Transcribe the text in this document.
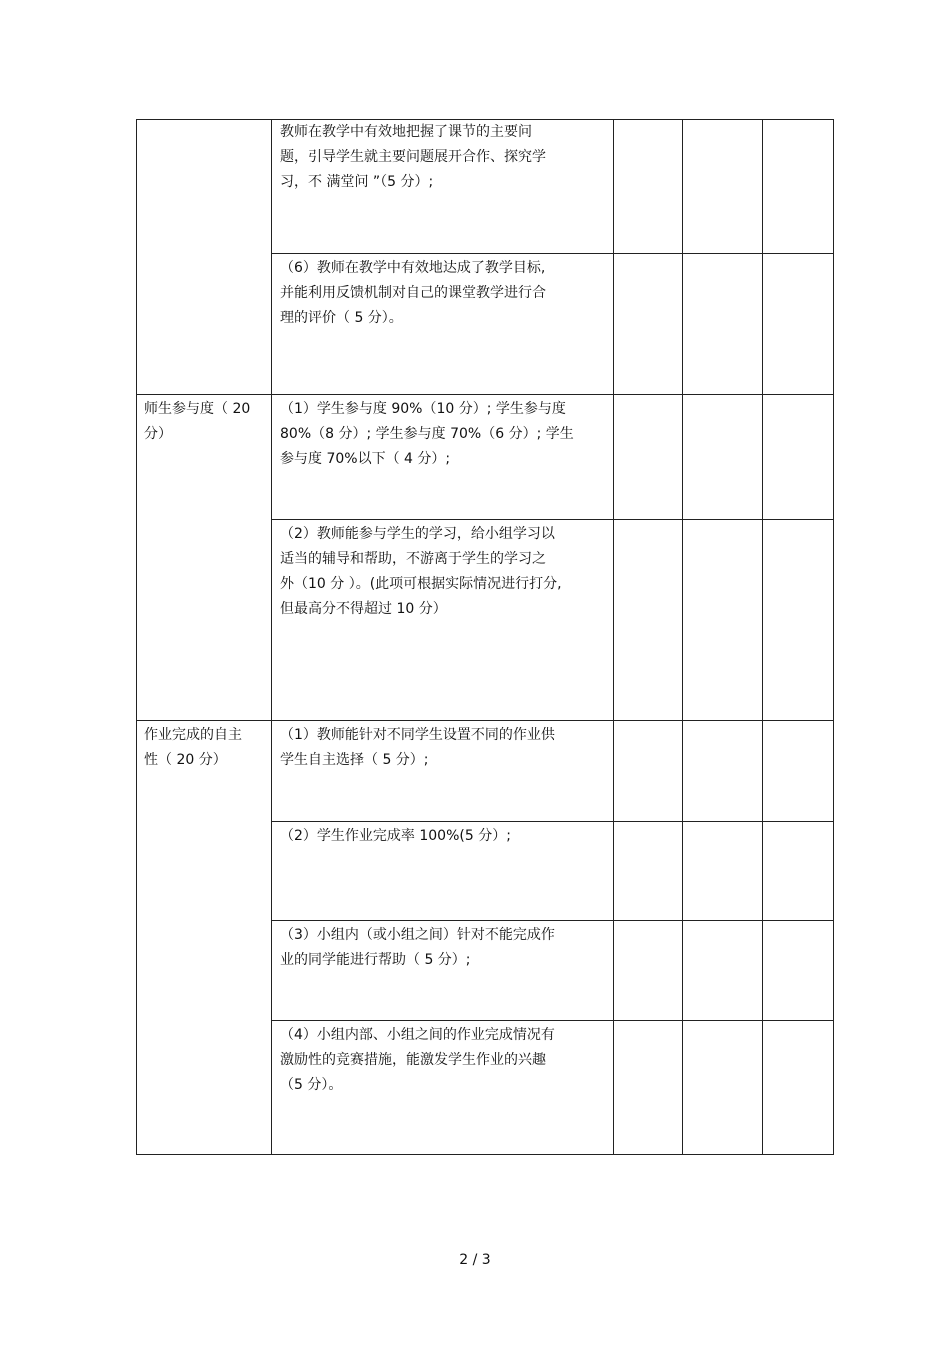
	教师在教学中有效地把握了课节的主要问
题，引导学生就主要问题展开合作、探究学
习，不 满堂问 ”（5 分）;			

	（6）教师在教学中有效地达成了教学目标,
并能利用反馈机制对自己的课堂教学进行合
理的评价（ 5 分）。			

师生参与度（ 20
分）	（1）学生参与度 90%（10 分）; 学生参与度
80%（8 分）; 学生参与度 70%（6 分）; 学生
参与度 70%以下（ 4 分）;			

	（2）教师能参与学生的学习，给小组学习以
适当的辅导和帮助，不游离于学生的学习之
外（10 分 ）。(此项可根据实际情况进行打分,
但最高分不得超过 10 分）			

作业完成的自主
性（ 20 分）	（1）教师能针对不同学生设置不同的作业供
学生自主选择（ 5 分）;			

	（2）学生作业完成率 100%(5 分）;			

	（3）小组内（或小组之间）针对不能完成作
业的同学能进行帮助（ 5 分）;			

	（4）小组内部、小组之间的作业完成情况有
激励性的竞赛措施，能激发学生作业的兴趣
（5 分）。			

2 / 3
